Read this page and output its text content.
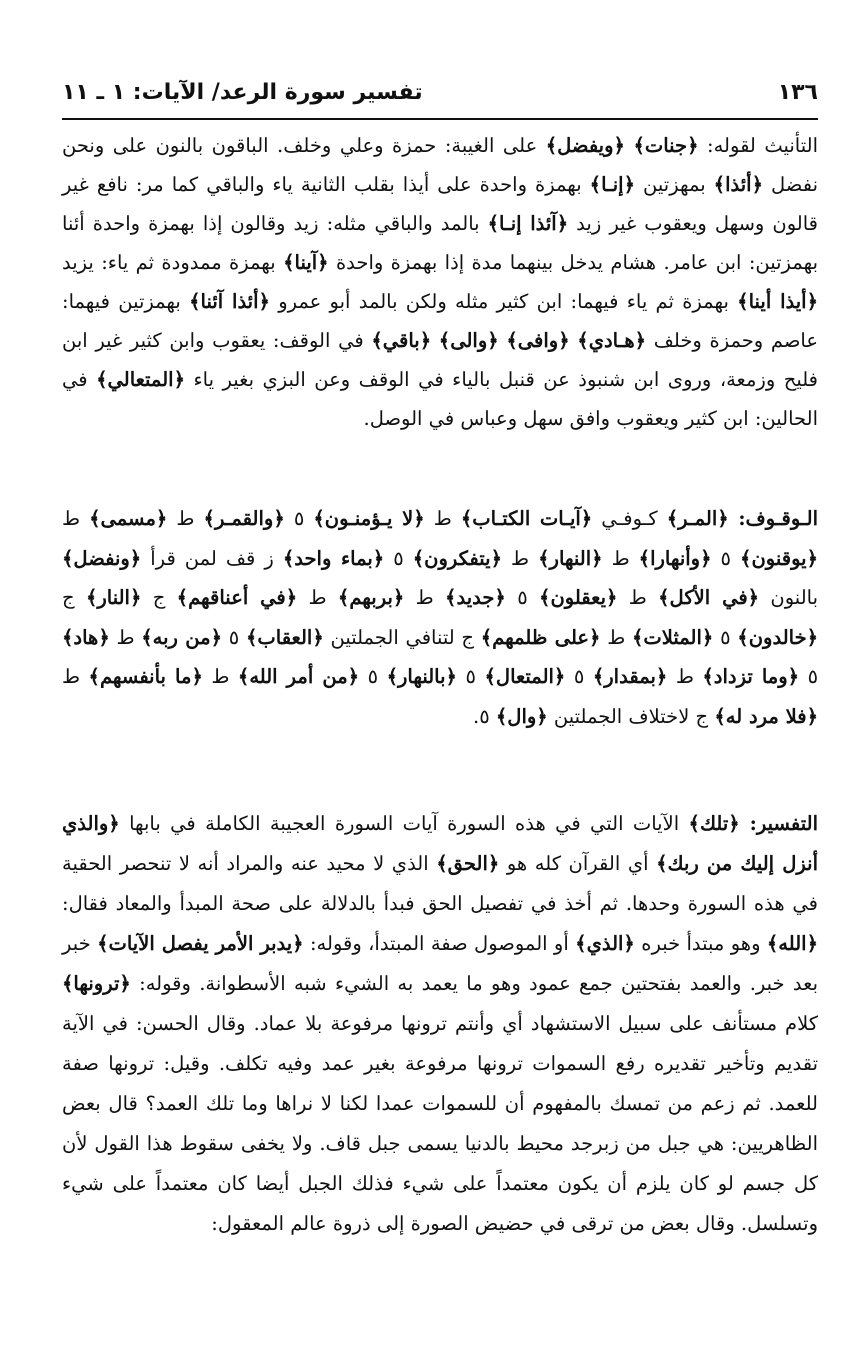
١٣٦
تفسير سورة الرعد/ الآيات: ١ ـ ١١
التأنيث لقوله: ﴿جنات﴾ ﴿ويفضل﴾ على الغيبة: حمزة وعلي وخلف. الباقون بالنون على ونحن نفضل ﴿أئذا﴾ بمهزتين ﴿إنـا﴾ بهمزة واحدة على أيذا بقلب الثانية ياء والباقي كما مر: نافع غير قالون وسهل ويعقوب غير زيد ﴿آئذا إنـا﴾ بالمد والباقي مثله: زيد وقالون إذا بهمزة واحدة أئنا بهمزتين: ابن عامر. هشام يدخل بينهما مدة إذا بهمزة واحدة ﴿آينا﴾ بهمزة ممدودة ثم ياء: يزيد ﴿أيذا أينا﴾ بهمزة ثم ياء فيهما: ابن كثير مثله ولكن بالمد أبو عمرو ﴿أئذا آئنا﴾ بهمزتين فيهما: عاصم وحمزة وخلف ﴿هـادي﴾ ﴿وافى﴾ ﴿والى﴾ ﴿باقي﴾ في الوقف: يعقوب وابن كثير غير ابن فليح وزمعة، وروى ابن شنبوذ عن قنبل بالياء في الوقف وعن البزي بغير ياء ﴿المتعالي﴾ في الحالين: ابن كثير ويعقوب وافق سهل وعباس في الوصل.
الـوقـوف: ﴿المـر﴾ كـوفـي ﴿آيـات الكتـاب﴾ ط ﴿لا يـؤمنـون﴾ ٥ ﴿والقمـر﴾ ط ﴿مسمى﴾ ط ﴿يوقنون﴾ ٥ ﴿وأنهارا﴾ ط ﴿النهار﴾ ط ﴿يتفكرون﴾ ٥ ﴿بماء واحد﴾ ز قف لمن قرأ ﴿ونفضل﴾ بالنون ﴿في الأكل﴾ ط ﴿يعقلون﴾ ٥ ﴿جديد﴾ ط ﴿بربهم﴾ ط ﴿في أعناقهم﴾ ج ﴿النار﴾ ج ﴿خالدون﴾ ٥ ﴿المثلات﴾ ط ﴿على ظلمهم﴾ ج لتنافي الجملتين ﴿العقاب﴾ ٥ ﴿من ربه﴾ ط ﴿هاد﴾ ٥ ﴿وما تزداد﴾ ط ﴿بمقدار﴾ ٥ ﴿المتعال﴾ ٥ ﴿بالنهار﴾ ٥ ﴿من أمر الله﴾ ط ﴿ما بأنفسهم﴾ ط ﴿فلا مرد له﴾ ج لاختلاف الجملتين ﴿وال﴾ ٥.
التفسير: ﴿تلك﴾ الآيات التي في هذه السورة آيات السورة العجيبة الكاملة في بابها ﴿والذي أنزل إليك من ربك﴾ أي القرآن كله هو ﴿الحق﴾ الذي لا محيد عنه والمراد أنه لا تنحصر الحقية في هذه السورة وحدها. ثم أخذ في تفصيل الحق فبدأ بالدلالة على صحة المبدأ والمعاد فقال: ﴿الله﴾ وهو مبتدأ خبره ﴿الذي﴾ أو الموصول صفة المبتدأ، وقوله: ﴿يدبر الأمر يفصل الآيات﴾ خبر بعد خبر. والعمد بفتحتين جمع عمود وهو ما يعمد به الشيء شبه الأسطوانة. وقوله: ﴿ترونها﴾ كلام مستأنف على سبيل الاستشهاد أي وأنتم ترونها مرفوعة بلا عماد. وقال الحسن: في الآية تقديم وتأخير تقديره رفع السموات ترونها مرفوعة بغير عمد وفيه تكلف. وقيل: ترونها صفة للعمد. ثم زعم من تمسك بالمفهوم أن للسموات عمدا لكنا لا نراها وما تلك العمد؟ قال بعض الظاهريين: هي جبل من زبرجد محيط بالدنيا يسمى جبل قاف. ولا يخفى سقوط هذا القول لأن كل جسم لو كان يلزم أن يكون معتمداً على شيء فذلك الجبل أيضا كان معتمداً على شيء وتسلسل. وقال بعض من ترقى في حضيض الصورة إلى ذروة عالم المعقول:
